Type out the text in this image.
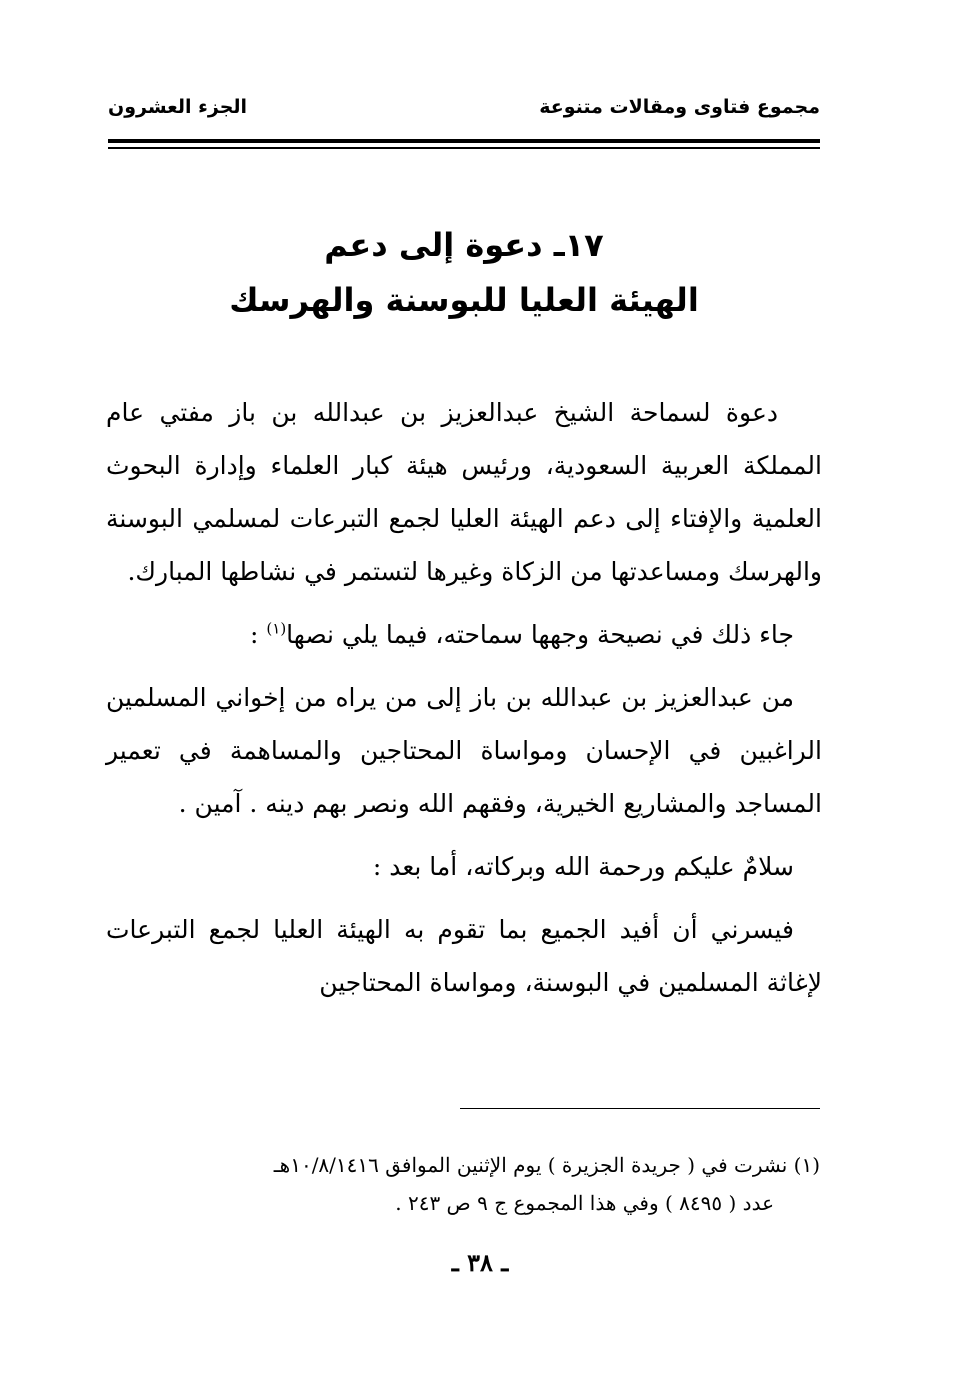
مجموع فتاوى ومقالات متنوعة
الجزء العشرون
١٧ـ دعوة إلى دعم
الهيئة العليا للبوسنة والهرسك

دعوة لسماحة الشيخ عبدالعزيز بن عبدالله بن باز مفتي عام المملكة العربية السعودية، ورئيس هيئة كبار العلماء وإدارة البحوث العلمية والإفتاء إلى دعم الهيئة العليا لجمع التبرعات لمسلمي البوسنة والهرسك ومساعدتها من الزكاة وغيرها لتستمر في نشاطها المبارك.

جاء ذلك في نصيحة وجهها سماحته، فيما يلي نصها$^{(١)}$ :

من عبدالعزيز بن عبدالله بن باز إلى من يراه من إخواني المسلمين الراغبين في الإحسان ومواساة المحتاجين والمساهمة في تعمير المساجد والمشاريع الخيرية، وفقهم الله ونصر بهم دينه . آمين .

سلامٌ عليكم ورحمة الله وبركاته، أما بعد :

فيسرني أن أفيد الجميع بما تقوم به الهيئة العليا لجمع التبرعات لإغاثة المسلمين في البوسنة، ومواساة المحتاجين

(١) نشرت في ( جريدة الجزيرة ) يوم الإثنين الموافق ١٠/٨/١٤١٦هـ
عدد ( ٨٤٩٥ ) وفي هذا المجموع ج ٩ ص ٢٤٣ .
ـ ٣٨ ـ
